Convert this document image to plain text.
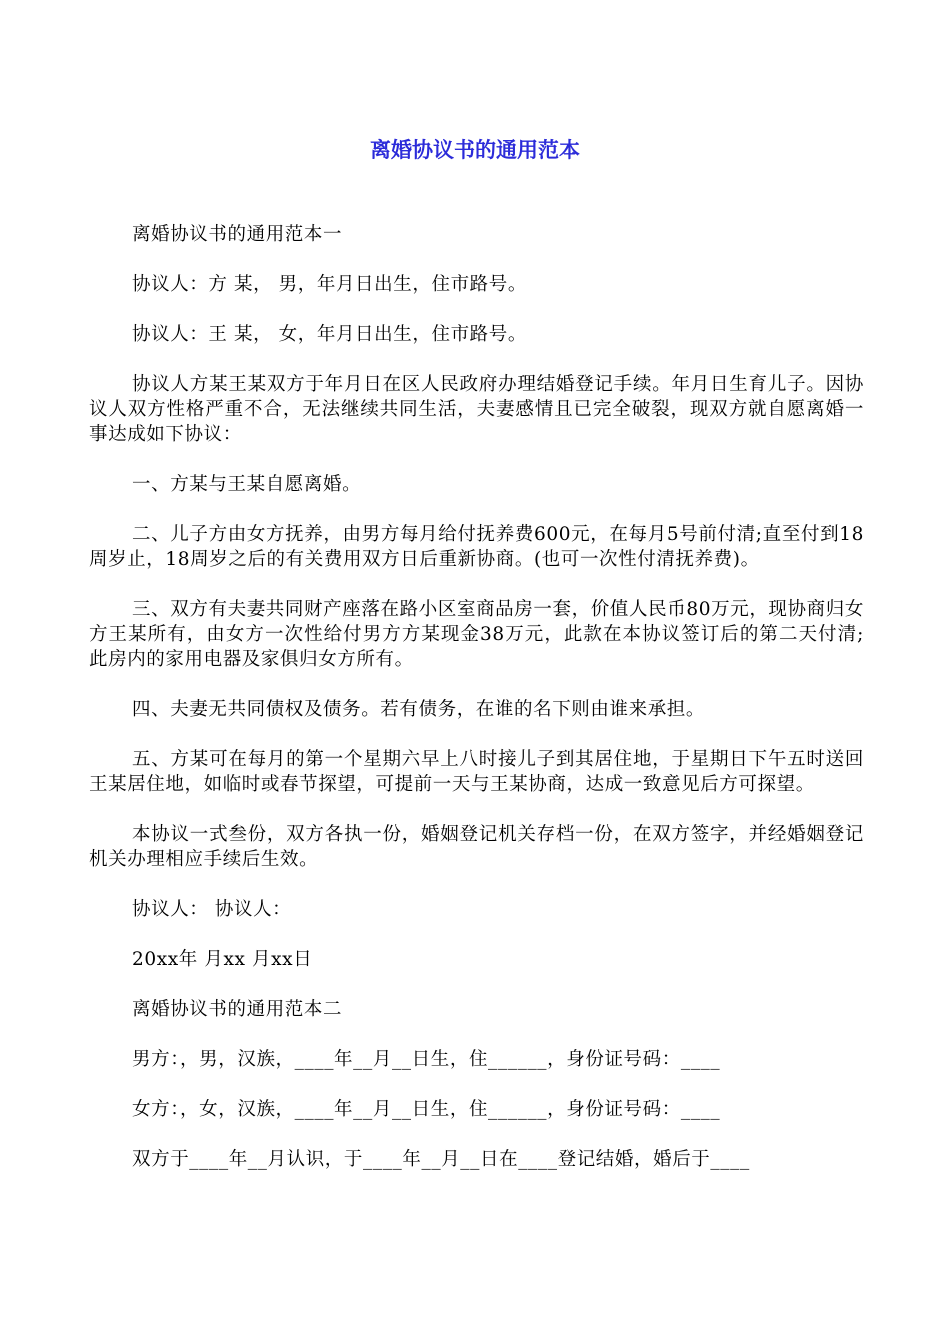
离婚协议书的通用范本

离婚协议书的通用范本一

协议人：方 某， 男，年月日出生，住市路号。

协议人：王 某， 女，年月日出生，住市路号。

协议人方某王某双方于年月日在区人民政府办理结婚登记手续。年月日生育儿子。因协议人双方性格严重不合，无法继续共同生活，夫妻感情且已完全破裂，现双方就自愿离婚一事达成如下协议：

一、方某与王某自愿离婚。

二、儿子方由女方抚养，由男方每月给付抚养费600元，在每月5号前付清;直至付到18周岁止，18周岁之后的有关费用双方日后重新协商。(也可一次性付清抚养费)。

三、双方有夫妻共同财产座落在路小区室商品房一套，价值人民币80万元，现协商归女方王某所有，由女方一次性给付男方方某现金38万元，此款在本协议签订后的第二天付清;此房内的家用电器及家俱归女方所有。

四、夫妻无共同债权及债务。若有债务，在谁的名下则由谁来承担。

五、方某可在每月的第一个星期六早上八时接儿子到其居住地，于星期日下午五时送回王某居住地，如临时或春节探望，可提前一天与王某协商，达成一致意见后方可探望。

本协议一式叁份，双方各执一份，婚姻登记机关存档一份，在双方签字，并经婚姻登记机关办理相应手续后生效。

协议人： 协议人：

20xx年 月xx 月xx日

离婚协议书的通用范本二

男方：，男，汉族，____年__月__日生，住______，身份证号码：____

女方：，女，汉族，____年__月__日生，住______，身份证号码：____

双方于____年__月认识，于____年__月__日在____登记结婚，婚后于____
